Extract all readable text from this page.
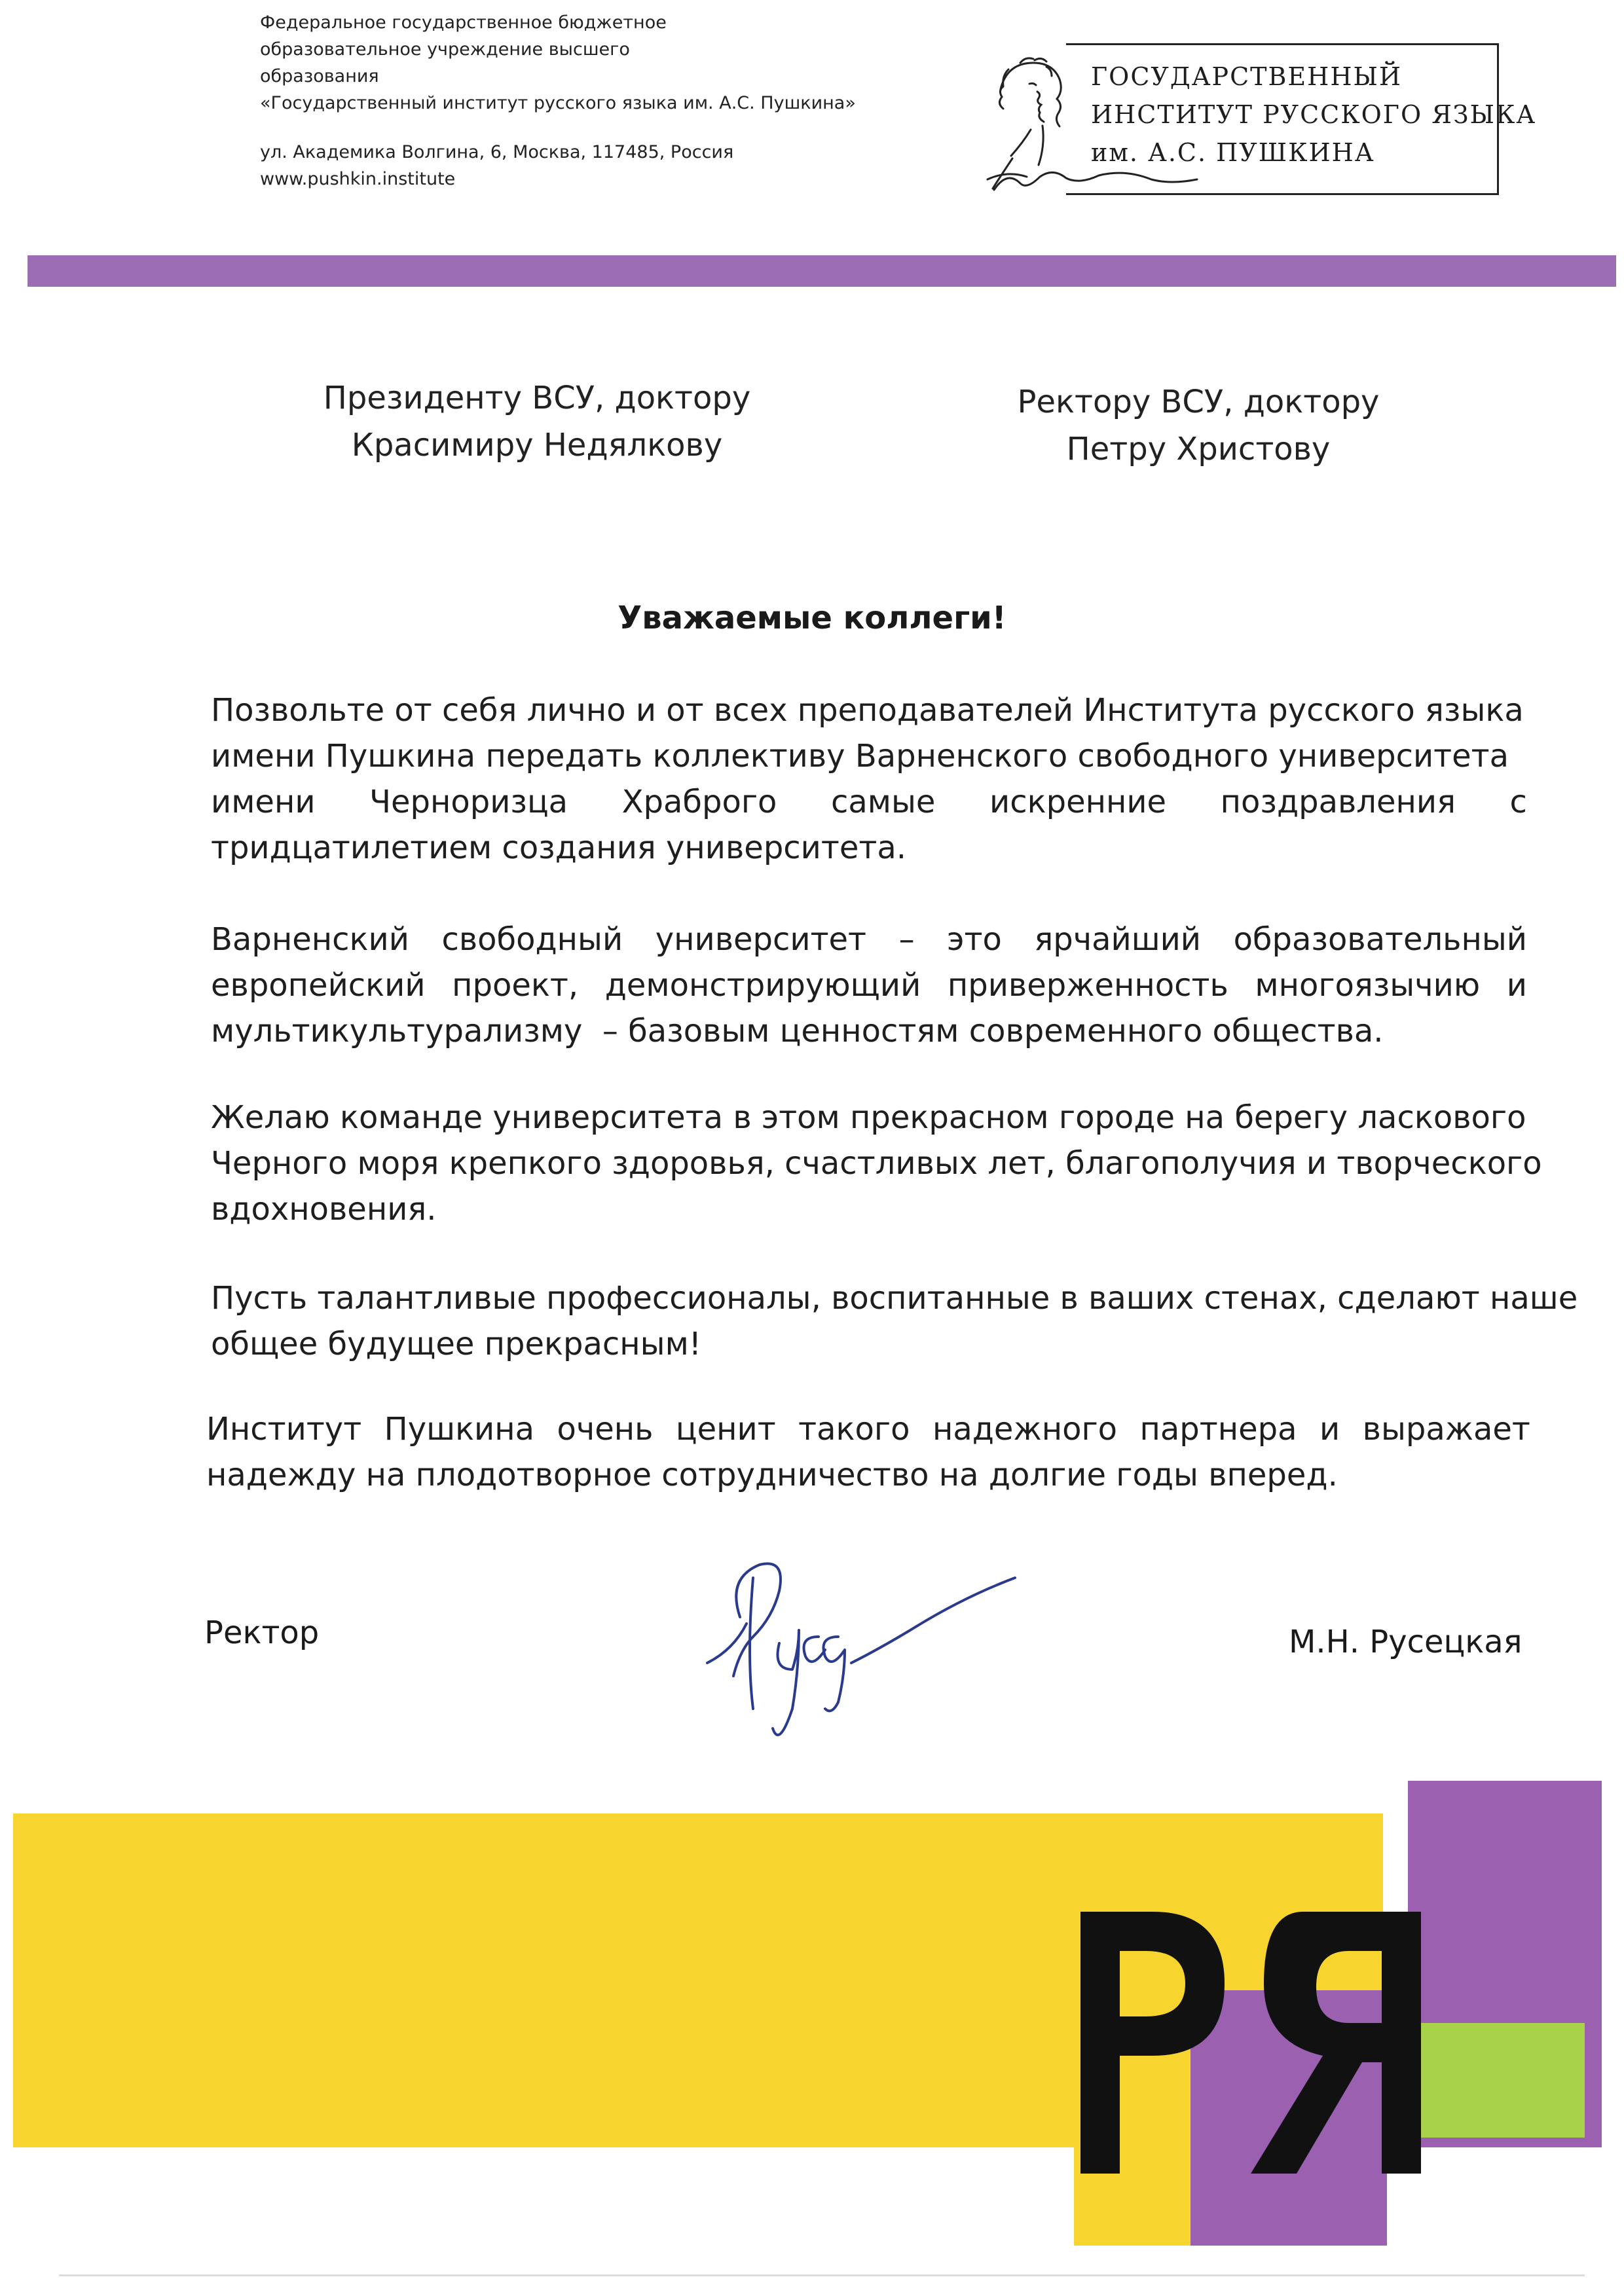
Федеральное государственное бюджетное
образовательное учреждение высшего
образования
«Государственный институт русского языка им. А.С. Пушкина»
ул. Академика Волгина, 6, Москва, 117485, Россия
www.pushkin.institute
ГОСУДАРСТВЕННЫЙ
ИНСТИТУТ РУССКОГО ЯЗЫКА
им. А.С. ПУШКИНА
Президенту ВСУ, доктору
Красимиру Недялкову
Ректору ВСУ, доктору
Петру Христову
Уважаемые коллеги!
Позвольте от себя лично и от всех преподавателей Института русского языка
имени Пушкина передать коллективу Варненского свободного университета
имени Черноризца Храброго самые искренние поздравления с
тридцатилетием создания университета.
Варненский свободный университет – это ярчайший образовательный
европейский проект, демонстрирующий приверженность многоязычию и
мультикультурализму  – базовым ценностям современного общества.
Желаю команде университета в этом прекрасном городе на берегу ласкового
Черного моря крепкого здоровья, счастливых лет, благополучия и творческого
вдохновения.
Пусть талантливые профессионалы, воспитанные в ваших стенах, сделают наше
общее будущее прекрасным!
Институт Пушкина очень ценит такого надежного партнера и выражает
надежду на плодотворное сотрудничество на долгие годы вперед.
Ректор	М.Н. Русецкая
